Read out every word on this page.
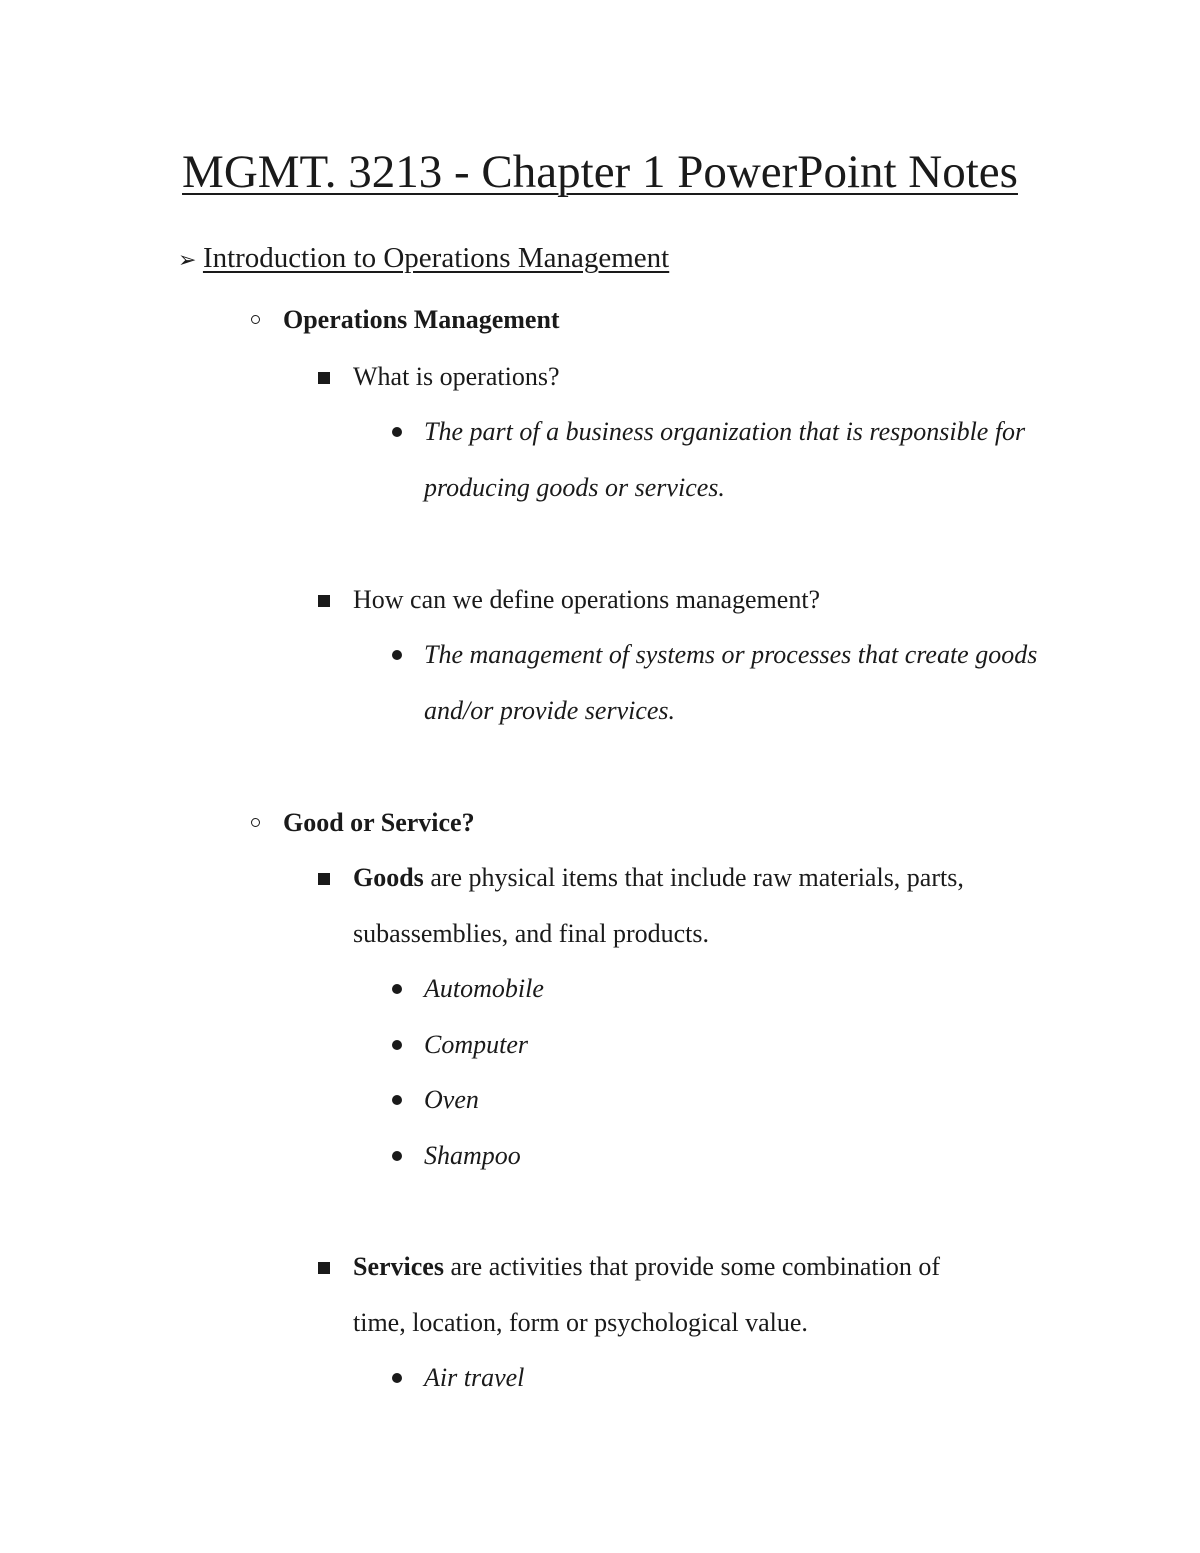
MGMT. 3213 - Chapter 1 PowerPoint Notes
➢ Introduction to Operations Management
Operations Management
What is operations?
The part of a business organization that is responsible for
producing goods or services.
How can we define operations management?
The management of systems or processes that create goods
and/or provide services.
Good or Service?
Goods are physical items that include raw materials, parts,
subassemblies, and final products.
Automobile
Computer
Oven
Shampoo
Services are activities that provide some combination of
time, location, form or psychological value.
Air travel
